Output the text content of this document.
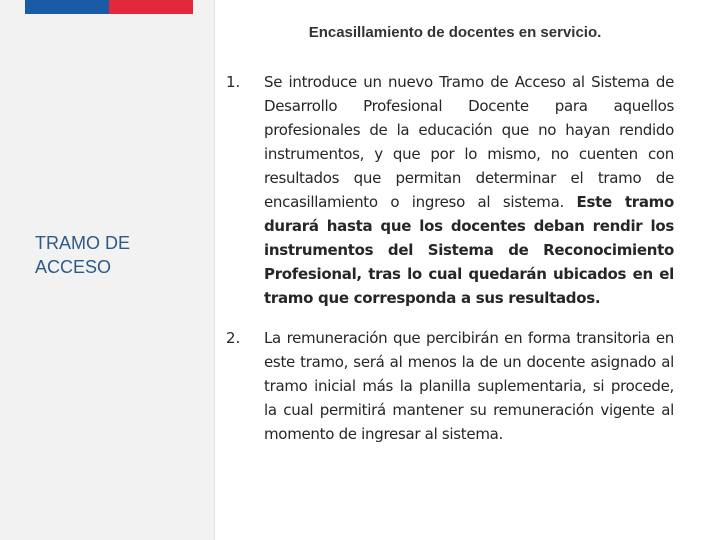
TRAMO DE ACCESO
Encasillamiento de docentes en servicio.
1.	Se introduce un nuevo Tramo de Acceso al Sistema de Desarrollo Profesional Docente para aquellos profesionales de la educación que no hayan rendido instrumentos, y que por lo mismo, no cuenten con resultados que permitan determinar el tramo de encasillamiento o ingreso al sistema. Este tramo durará hasta que los docentes deban rendir los instrumentos del Sistema de Reconocimiento Profesional, tras lo cual quedarán ubicados en el tramo que corresponda a sus resultados.
2.	La remuneración que percibirán en forma transitoria en este tramo, será al menos la de un docente asignado al tramo inicial más la planilla suplementaria, si procede, la cual permitirá mantener su remuneración vigente al momento de ingresar al sistema.
